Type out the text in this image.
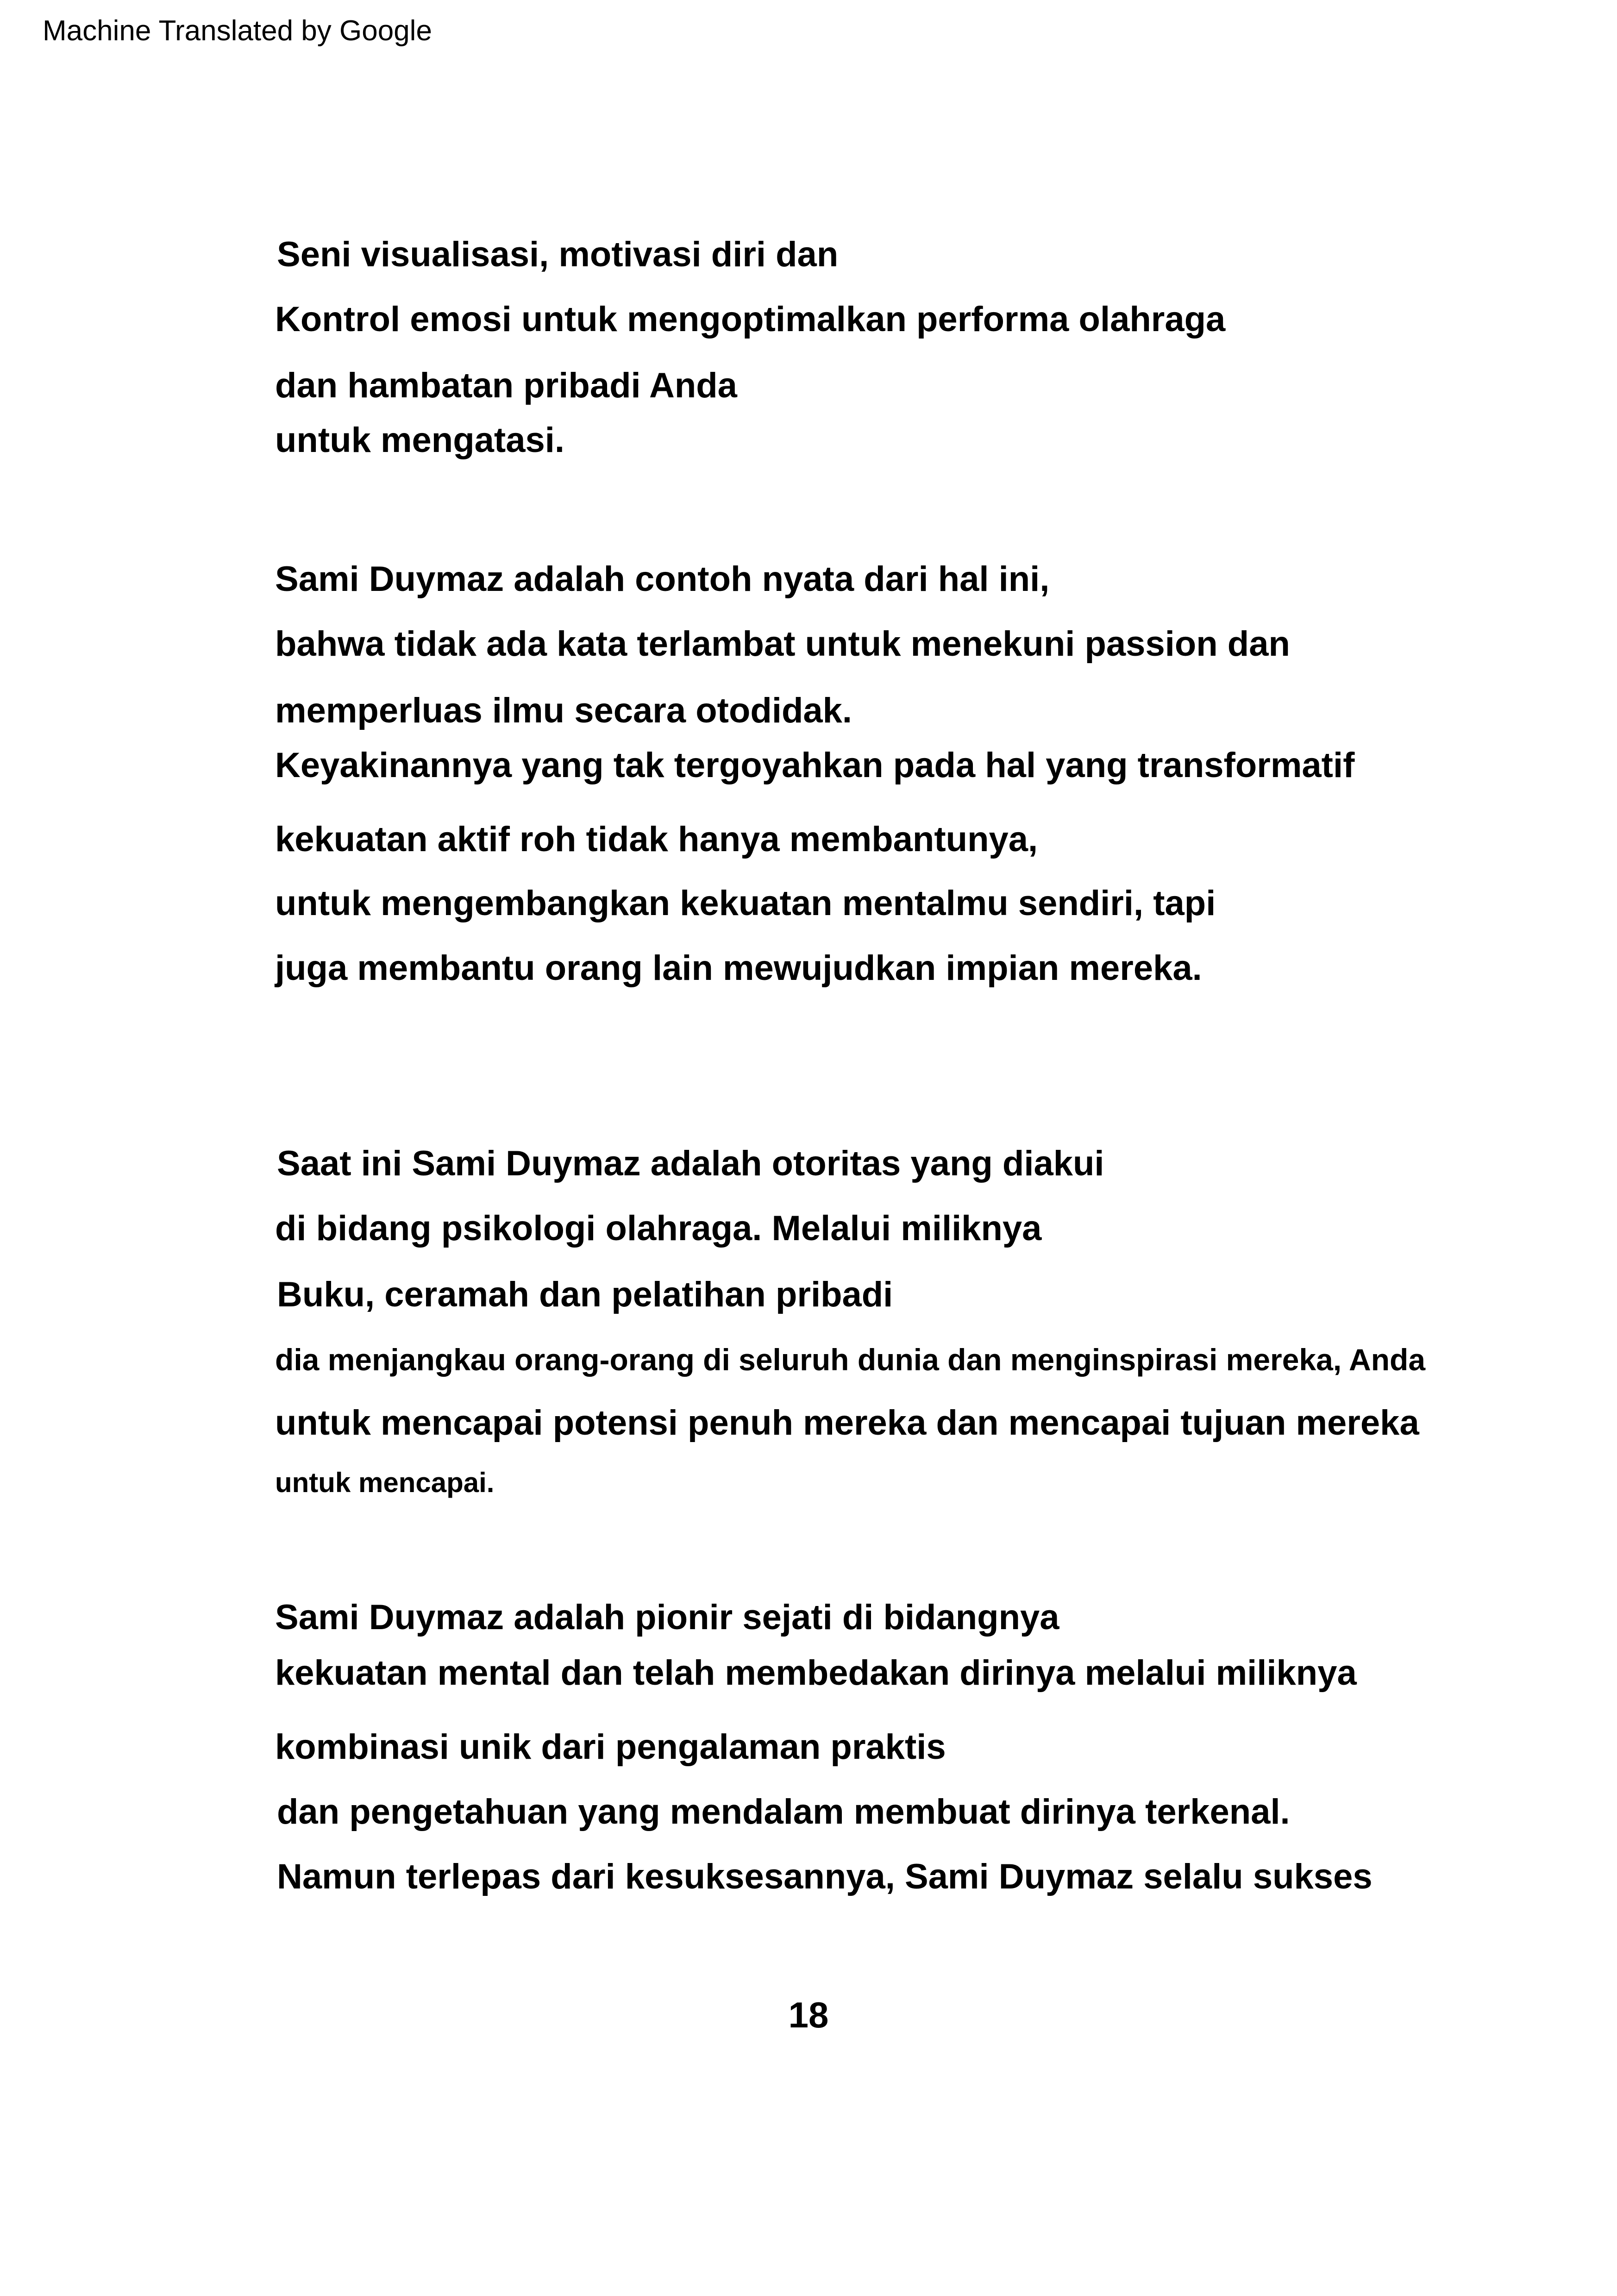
Machine Translated by Google
Seni visualisasi, motivasi diri dan
Kontrol emosi untuk mengoptimalkan performa olahraga
dan hambatan pribadi Anda
untuk mengatasi.
Sami Duymaz adalah contoh nyata dari hal ini,
bahwa tidak ada kata terlambat untuk menekuni passion dan
memperluas ilmu secara otodidak.
Keyakinannya yang tak tergoyahkan pada hal yang transformatif
kekuatan aktif roh tidak hanya membantunya,
untuk mengembangkan kekuatan mentalmu sendiri, tapi
juga membantu orang lain mewujudkan impian mereka.
Saat ini Sami Duymaz adalah otoritas yang diakui
di bidang psikologi olahraga. Melalui miliknya
Buku, ceramah dan pelatihan pribadi
dia menjangkau orang-orang di seluruh dunia dan menginspirasi mereka, Anda
untuk mencapai potensi penuh mereka dan mencapai tujuan mereka
untuk mencapai.
Sami Duymaz adalah pionir sejati di bidangnya
kekuatan mental dan telah membedakan dirinya melalui miliknya
kombinasi unik dari pengalaman praktis
dan pengetahuan yang mendalam membuat dirinya terkenal.
Namun terlepas dari kesuksesannya, Sami Duymaz selalu sukses
18
